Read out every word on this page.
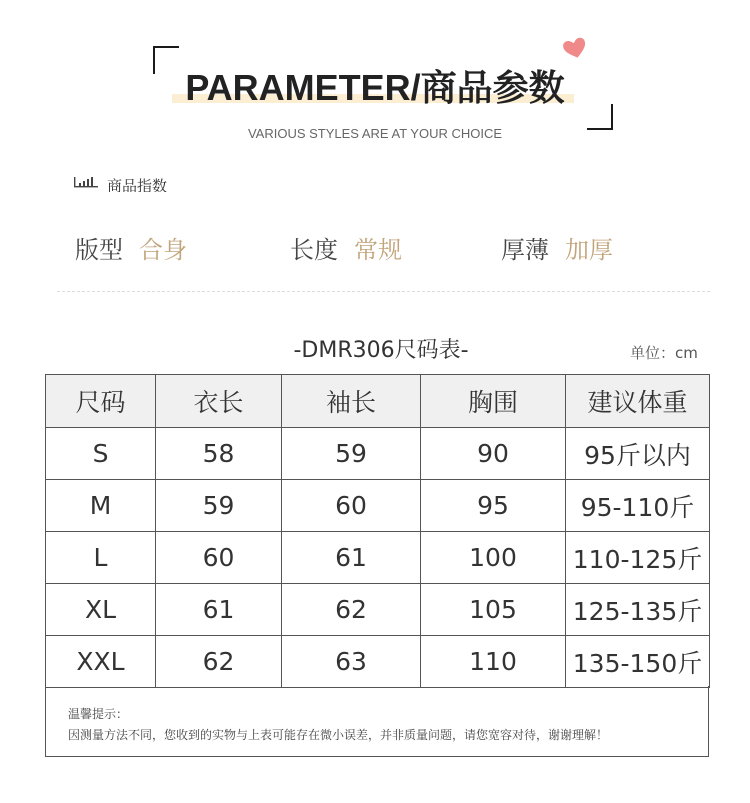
PARAMETER/商品参数
VARIOUS STYLES ARE AT YOUR CHOICE
商品指数
版型 合身	长度 常规	厚薄 加厚
-DMR306尺码表-	单位：cm
尺码	衣长	袖长	胸围	建议体重
S	58	59	90	95斤以内
M	59	60	95	95-110斤
L	60	61	100	110-125斤
XL	61	62	105	125-135斤
XXL	62	63	110	135-150斤
温馨提示：
因测量方法不同，您收到的实物与上表可能存在微小误差，并非质量问题，请您宽容对待，谢谢理解！
